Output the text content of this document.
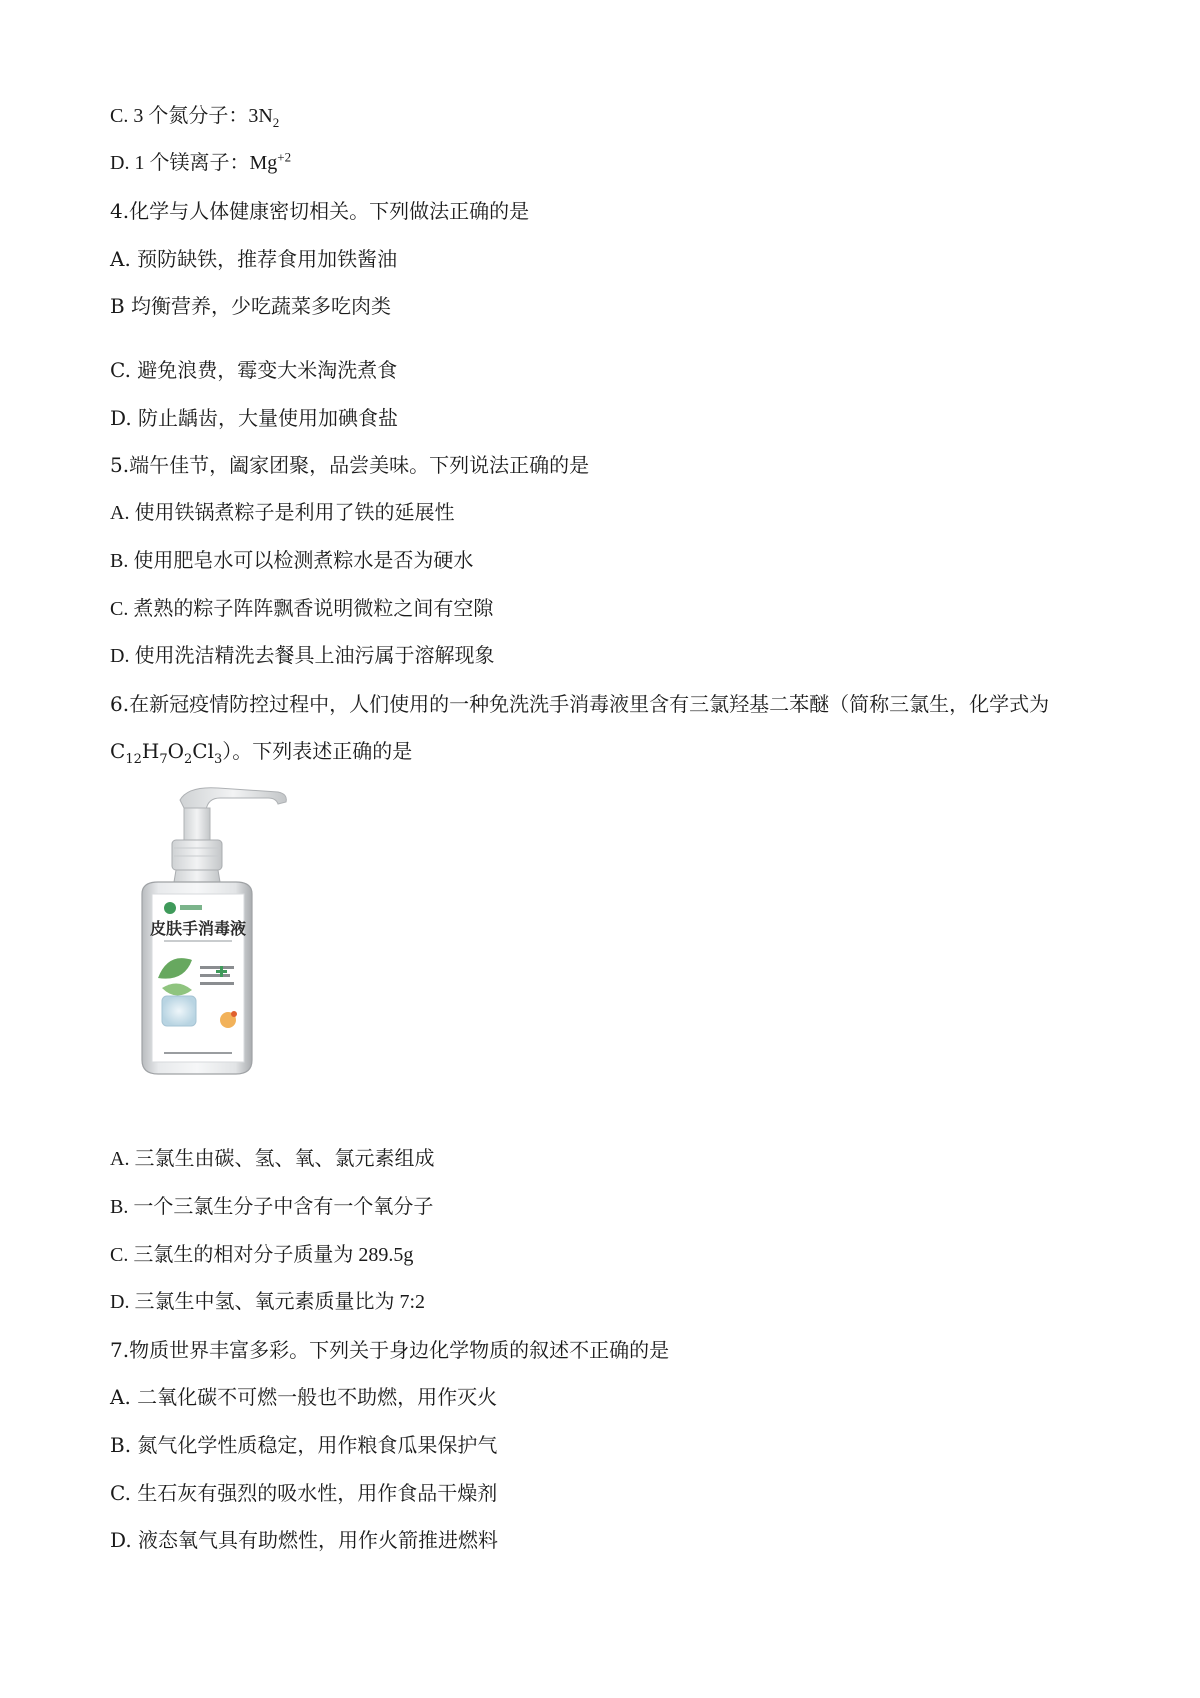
C. 3 个氮分子：$3N_2$
D. 1 个镁离子：$Mg^{+2}$
4.化学与人体健康密切相关。下列做法正确的是
A. 预防缺铁，推荐食用加铁酱油
B 均衡营养，少吃蔬菜多吃肉类
C. 避免浪费，霉变大米淘洗煮食
D. 防止龋齿，大量使用加碘食盐
5.端午佳节，阖家团聚，品尝美味。下列说法正确的是
A. 使用铁锅煮粽子是利用了铁的延展性
B. 使用肥皂水可以检测煮粽水是否为硬水
C. 煮熟的粽子阵阵飘香说明微粒之间有空隙
D. 使用洗洁精洗去餐具上油污属于溶解现象
6.在新冠疫情防控过程中，人们使用的一种免洗洗手消毒液里含有三氯羟基二苯醚（简称三氯生，化学式为
$C_{12}H_7O_2Cl_3$）。下列表述正确的是
皮肤手消毒液
A. 三氯生由碳、氢、氧、氯元素组成
B. 一个三氯生分子中含有一个氧分子
C. 三氯生的相对分子质量为 289.5g
D. 三氯生中氢、氧元素质量比为 7:2
7.物质世界丰富多彩。下列关于身边化学物质的叙述不正确的是
A. 二氧化碳不可燃一般也不助燃，用作灭火
B. 氮气化学性质稳定，用作粮食瓜果保护气
C. 生石灰有强烈的吸水性，用作食品干燥剂
D. 液态氧气具有助燃性，用作火箭推进燃料
